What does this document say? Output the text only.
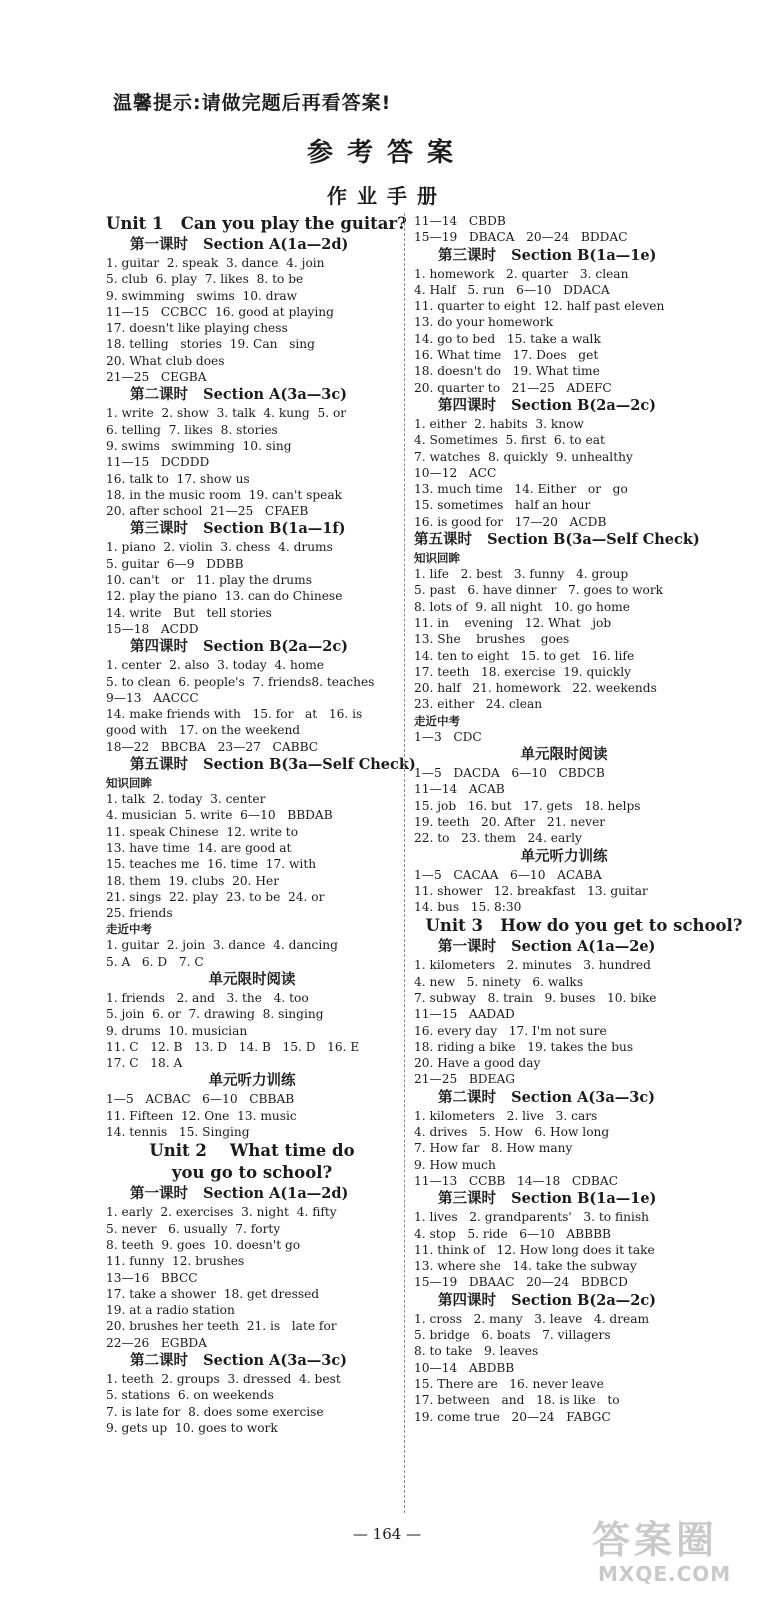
温馨提示:请做完题后再看答案!
参考答案
作业手册
Unit 1   Can you play the guitar?
第一课时   Section A(1a—2d)
1. guitar  2. speak  3. dance  4. join
5. club  6. play  7. likes  8. to be
9. swimming   swims  10. draw
11—15   CCBCC  16. good at playing
17. doesn't like playing chess
18. telling   stories  19. Can   sing
20. What club does
21—25   CEGBA
第二课时   Section A(3a—3c)
1. write  2. show  3. talk  4. kung  5. or
6. telling  7. likes  8. stories
9. swims   swimming  10. sing
11—15   DCDDD
16. talk to  17. show us
18. in the music room  19. can't speak
20. after school  21—25   CFAEB
第三课时   Section B(1a—1f)
1. piano  2. violin  3. chess  4. drums
5. guitar  6—9   DDBB
10. can't   or   11. play the drums
12. play the piano  13. can do Chinese
14. write   But   tell stories
15—18   ACDD
第四课时   Section B(2a—2c)
1. center  2. also  3. today  4. home
5. to clean  6. people's  7. friends8. teaches
9—13   AACCC
14. make friends with   15. for   at   16. is
good with   17. on the weekend
18—22   BBCBA   23—27   CABBC
第五课时   Section B(3a—Self Check)
知识回眸
1. talk  2. today  3. center
4. musician  5. write  6—10   BBDAB
11. speak Chinese  12. write to
13. have time  14. are good at
15. teaches me  16. time  17. with
18. them  19. clubs  20. Her
21. sings  22. play  23. to be  24. or
25. friends
走近中考
1. guitar  2. join  3. dance  4. dancing
5. A   6. D   7. C
单元限时阅读
1. friends   2. and   3. the   4. too
5. join  6. or  7. drawing  8. singing
9. drums  10. musician
11. C   12. B   13. D   14. B   15. D   16. E
17. C   18. A
单元听力训练
1—5   ACBAC   6—10   CBBAB
11. Fifteen  12. One  13. music
14. tennis   15. Singing
Unit 2    What time do
you go to school?
第一课时   Section A(1a—2d)
1. early  2. exercises  3. night  4. fifty
5. never   6. usually  7. forty
8. teeth  9. goes  10. doesn't go
11. funny  12. brushes
13—16   BBCC
17. take a shower  18. get dressed
19. at a radio station
20. brushes her teeth  21. is   late for
22—26   EGBDA
第二课时   Section A(3a—3c)
1. teeth  2. groups  3. dressed  4. best
5. stations  6. on weekends
7. is late for  8. does some exercise
9. gets up  10. goes to work
11—14   CBDB
15—19   DBACA   20—24   BDDAC
第三课时   Section B(1a—1e)
1. homework   2. quarter   3. clean
4. Half   5. run   6—10   DDACA
11. quarter to eight  12. half past eleven
13. do your homework
14. go to bed   15. take a walk
16. What time   17. Does   get
18. doesn't do   19. What time
20. quarter to   21—25   ADEFC
第四课时   Section B(2a—2c)
1. either  2. habits  3. know
4. Sometimes  5. first  6. to eat
7. watches  8. quickly  9. unhealthy
10—12   ACC
13. much time   14. Either   or   go
15. sometimes   half an hour
16. is good for   17—20   ACDB
第五课时   Section B(3a—Self Check)
知识回眸
1. life   2. best   3. funny   4. group
5. past   6. have dinner   7. goes to work
8. lots of  9. all night   10. go home
11. in    evening   12. What   job
13. She    brushes    goes
14. ten to eight   15. to get   16. life
17. teeth   18. exercise  19. quickly
20. half   21. homework   22. weekends
23. either   24. clean
走近中考
1—3   CDC
单元限时阅读
1—5   DACDA   6—10   CBDCB
11—14   ACAB
15. job   16. but   17. gets   18. helps
19. teeth   20. After   21. never
22. to   23. them   24. early
单元听力训练
1—5   CACAA   6—10   ACABA
11. shower   12. breakfast   13. guitar
14. bus   15. 8:30
Unit 3   How do you get to school?
第一课时   Section A(1a—2e)
1. kilometers   2. minutes   3. hundred
4. new   5. ninety   6. walks
7. subway   8. train   9. buses   10. bike
11—15   AADAD
16. every day   17. I'm not sure
18. riding a bike   19. takes the bus
20. Have a good day
21—25   BDEAG
第二课时   Section A(3a—3c)
1. kilometers   2. live   3. cars
4. drives   5. How   6. How long
7. How far   8. How many
9. How much
11—13   CCBB   14—18   CDBAC
第三课时   Section B(1a—1e)
1. lives   2. grandparents'   3. to finish
4. stop   5. ride   6—10   ABBBB
11. think of   12. How long does it take
13. where she   14. take the subway
15—19   DBAAC   20—24   BDBCD
第四课时   Section B(2a—2c)
1. cross   2. many   3. leave   4. dream
5. bridge   6. boats   7. villagers
8. to take   9. leaves
10—14   ABDBB
15. There are   16. never leave
17. between   and   18. is like   to
19. come true   20—24   FABGC
— 164 —	答案圈
MXQE.COM
